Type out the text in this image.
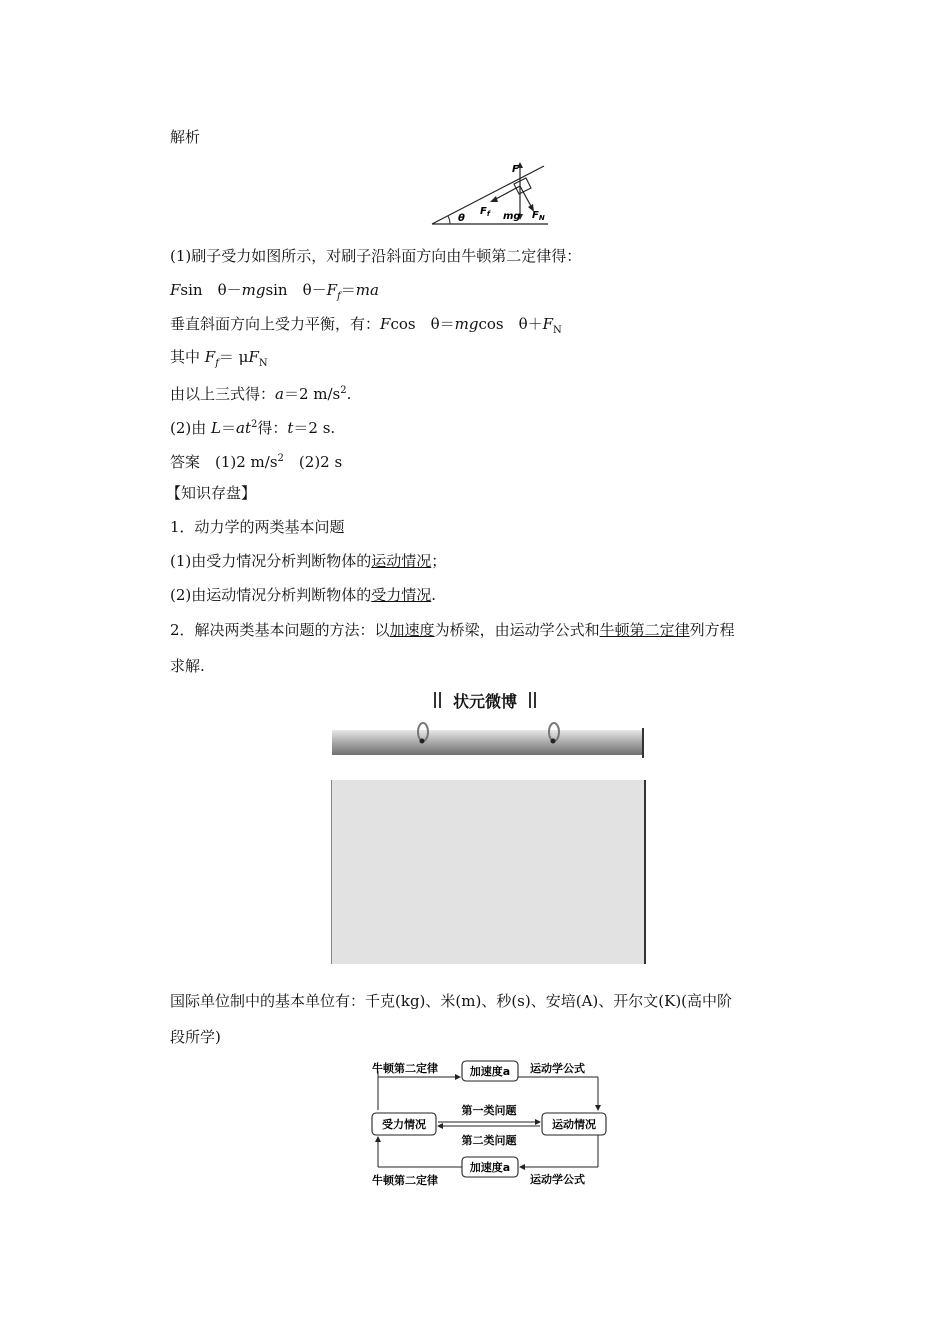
解析
θ
F
mg $F_N$
$F_f$
(1)刷子受力如图所示，对刷子沿斜面方向由牛顿第二定律得：
Fsin　θ－mgsin　$\theta-F_f=ma$
垂直斜面方向上受力平衡，有：Fcos　θ＝mgcos　$\theta+F_N$
其中 $F_f= \mu F_N$
由以上三式得：a＝2 $m/s^2$.
(2)由 $L=at^2$得：t＝2 s.
答案　(1)2 $m/s^2$　(2)2 s
【知识存盘】
1．动力学的两类基本问题
(1)由受力情况分析判断物体的运动情况；
(2)由运动情况分析判断物体的受力情况.
2．解决两类基本问题的方法：以加速度为桥梁，由运动学公式和牛顿第二定律列方程
求解.
状元微博
国际单位制中的基本单位有：千克(kg)、米(m)、秒(s)、安培(A)、开尔文(K)(高中阶
段所学)
牛顿第二定律	加速度a 运动学公式
受力情况	运动情况
第一类问题
第二类问题
加速度a
牛顿第二定律	运动学公式
